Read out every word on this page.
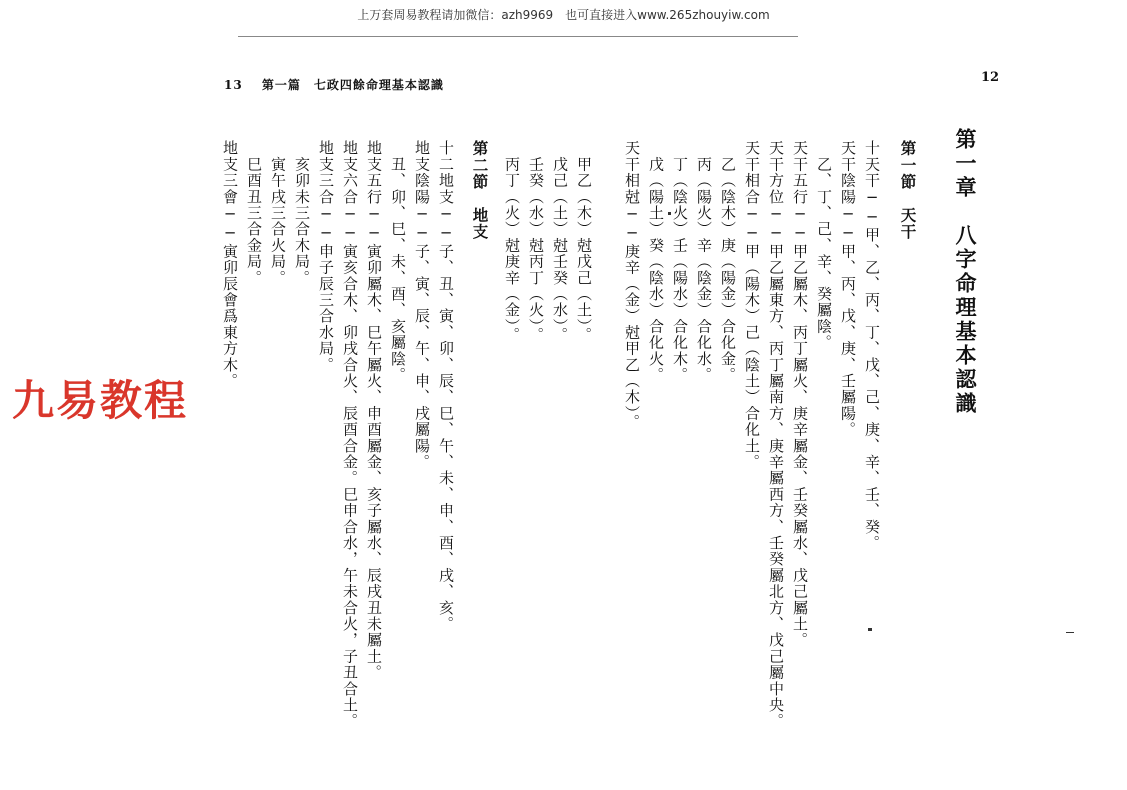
上万套周易教程请加微信：azh9969　也可直接进入www.265zhouyiw.com
13 第一篇　七政四餘命理基本認識	12
第一章　八字命理基本認識
第一節　天干
十天干──甲、乙、丙、丁、戊、己、庚、辛、壬、癸。
天干陰陽──甲、丙、戊、庚、壬屬陽。
　乙、丁、己、辛、癸屬陰。
天干五行──甲乙屬木、丙丁屬火、庚辛屬金、壬癸屬水、戊己屬土。
天干方位──甲乙屬東方、丙丁屬南方、庚辛屬西方、壬癸屬北方、戊己屬中央。
天干相合──甲（陽木）己（陰土）合化土。
　乙（陰木）庚（陽金）合化金。
　丙（陽火）辛（陰金）合化水。
　丁（陰火）壬（陽水）合化木。
　戊（陽土）癸（陰水）合化火。
天干相尅──庚辛（金）尅甲乙（木）。
　甲乙（木）尅戊己（土）。
　戊己（土）尅壬癸（水）。
　壬癸（水）尅丙丁（火）。
　丙丁（火）尅庚辛（金）。
第二節　地支
十二地支──子、丑、寅、卯、辰、巳、午、未、申、酉、戌、亥。
地支陰陽──子、寅、辰、午、申、戌屬陽。
　丑、卯、巳、未、酉、亥屬陰。
地支五行──寅卯屬木、巳午屬火、申酉屬金、亥子屬水、辰戌丑未屬土。
地支六合──寅亥合木、卯戌合火、辰酉合金。巳申合水，午未合火，子丑合土。
地支三合──申子辰三合水局。
　亥卯未三合木局。
　寅午戌三合火局。
　巳酉丑三合金局。
地支三會──寅卯辰會爲東方木。
九易教程
